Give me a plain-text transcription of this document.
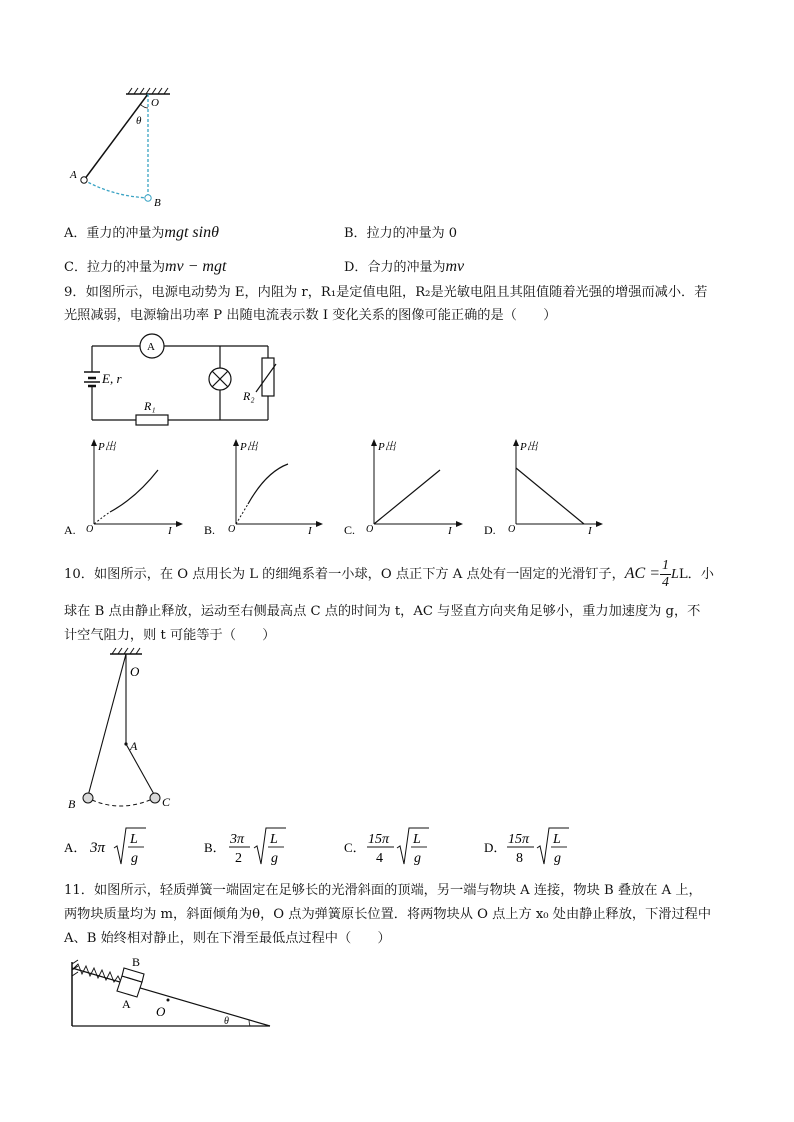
O
θ
A
B
A．重力的冲量为mgt sinθ	B．拉力的冲量为 0
C．拉力的冲量为mv − mgt	D．合力的冲量为mv
9．如图所示，电源电动势为 E，内阻为 r，R₁是定值电阻，R₂是光敏电阻且其阻值随着光强的增强而减小．若
光照减弱，电源输出功率 P 出随电流表示数 I 变化关系的图像可能正确的是（　　）
A
E, r
R₁
R₂
A.
P出
O	I	B.
P出
O	I	C.
P出
O	I	D.
P出
O	I
10．如图所示，在 O 点用长为 L 的细绳系着一小球，O 点正下方 A 点处有一固定的光滑钉子，AC = $\frac{1}{4}$ LL．小
球在 B 点由静止释放，运动至右侧最高点 C 点的时间为 t，AC 与竖直方向夹角足够小，重力加速度为 g，不
计空气阻力，则 t 可能等于（　　）
O
A
B	C
A． 3π
L
g
B．
3π
2
L
g
C．
15π
4
L
g
D．
15π
8
L
g
11．如图所示，轻质弹簧一端固定在足够长的光滑斜面的顶端，另一端与物块 A 连接，物块 B 叠放在 A 上，
两物块质量均为 m，斜面倾角为θ，O 点为弹簧原长位置．将两物块从 O 点上方 x₀ 处由静止释放，下滑过程中
A、B 始终相对静止，则在下滑至最低点过程中（　　）
B
A O
θ
